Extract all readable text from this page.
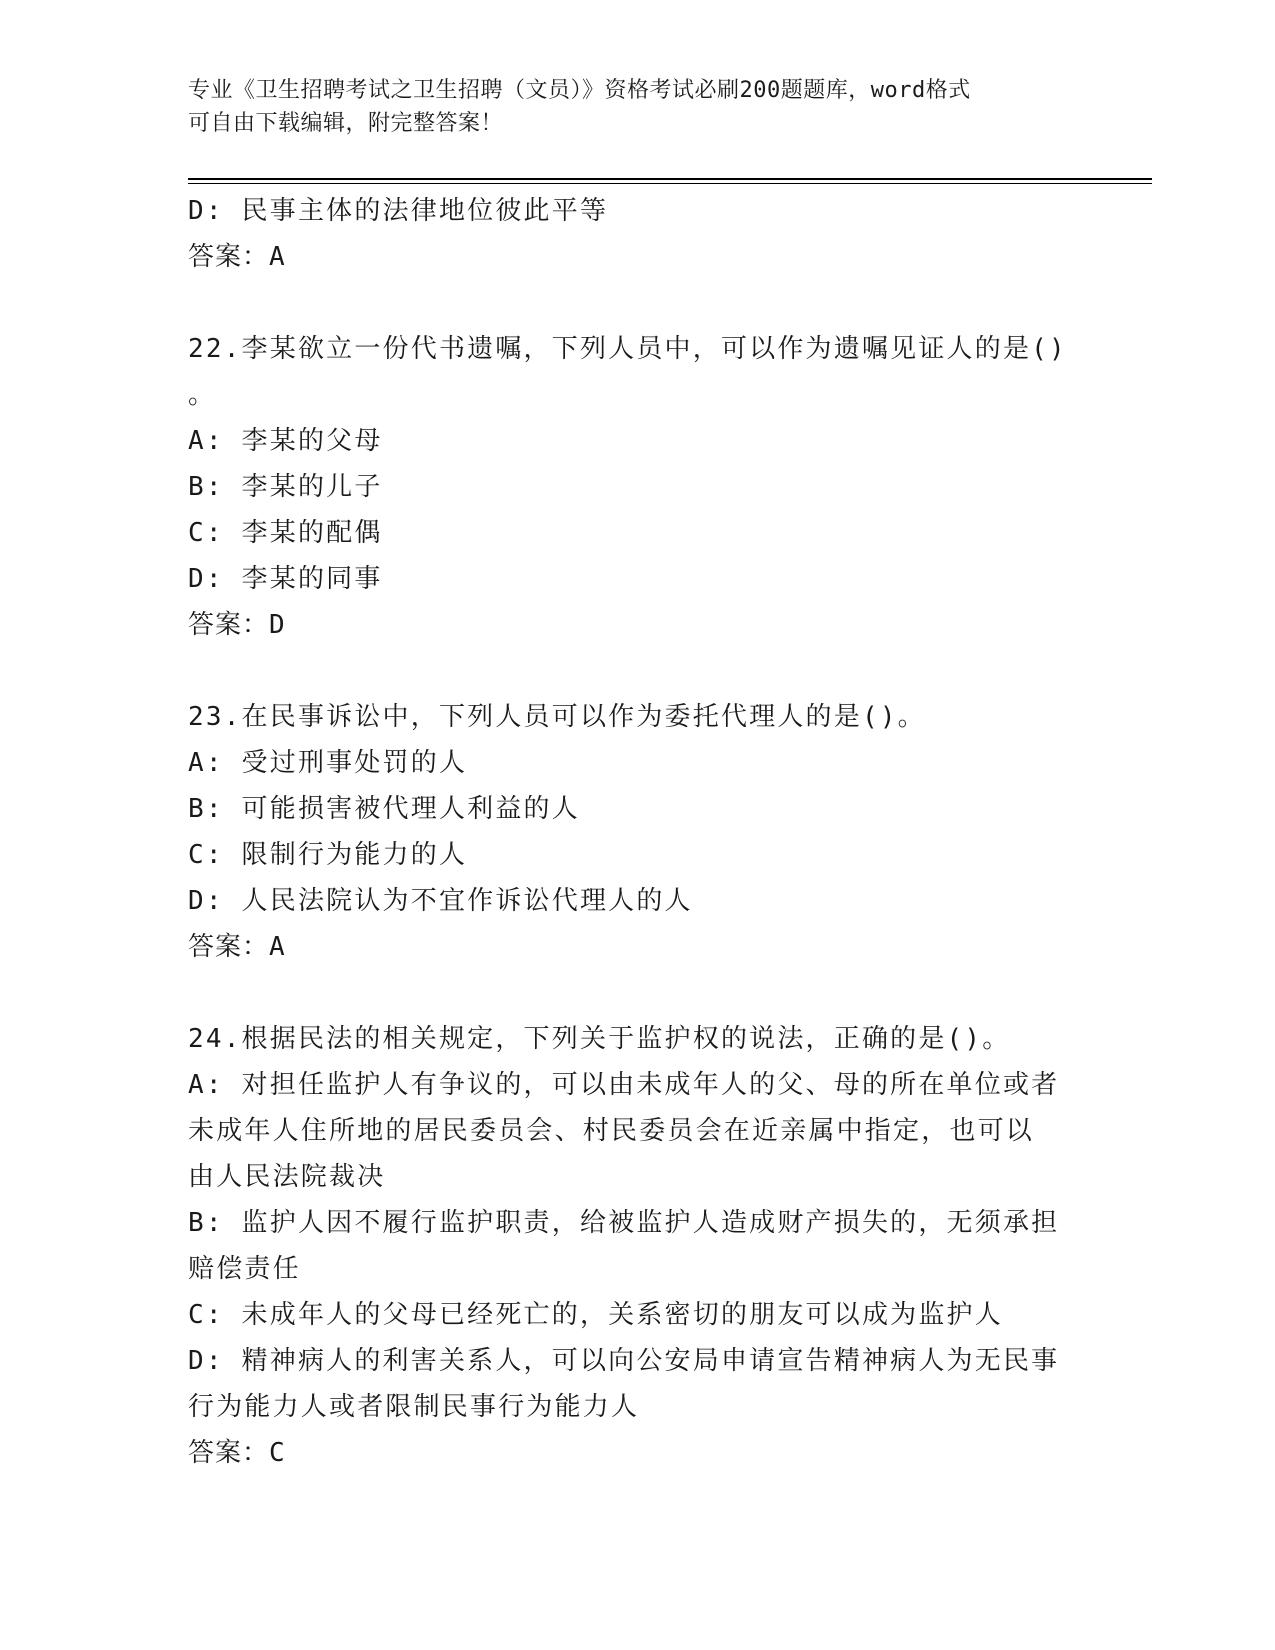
专业《卫生招聘考试之卫生招聘（文员）》资格考试必刷200题题库，word格式
可自由下载编辑，附完整答案！
D: 民事主体的法律地位彼此平等
答案：A
22.李某欲立一份代书遗嘱，下列人员中，可以作为遗嘱见证人的是()
。
A: 李某的父母
B: 李某的儿子
C: 李某的配偶
D: 李某的同事
答案：D
23.在民事诉讼中，下列人员可以作为委托代理人的是()。
A: 受过刑事处罚的人
B: 可能损害被代理人利益的人
C: 限制行为能力的人
D: 人民法院认为不宜作诉讼代理人的人
答案：A
24.根据民法的相关规定，下列关于监护权的说法，正确的是()。
A: 对担任监护人有争议的，可以由未成年人的父、母的所在单位或者
未成年人住所地的居民委员会、村民委员会在近亲属中指定，也可以
由人民法院裁决
B: 监护人因不履行监护职责，给被监护人造成财产损失的，无须承担
赔偿责任
C: 未成年人的父母已经死亡的，关系密切的朋友可以成为监护人
D: 精神病人的利害关系人，可以向公安局申请宣告精神病人为无民事
行为能力人或者限制民事行为能力人
答案：C
